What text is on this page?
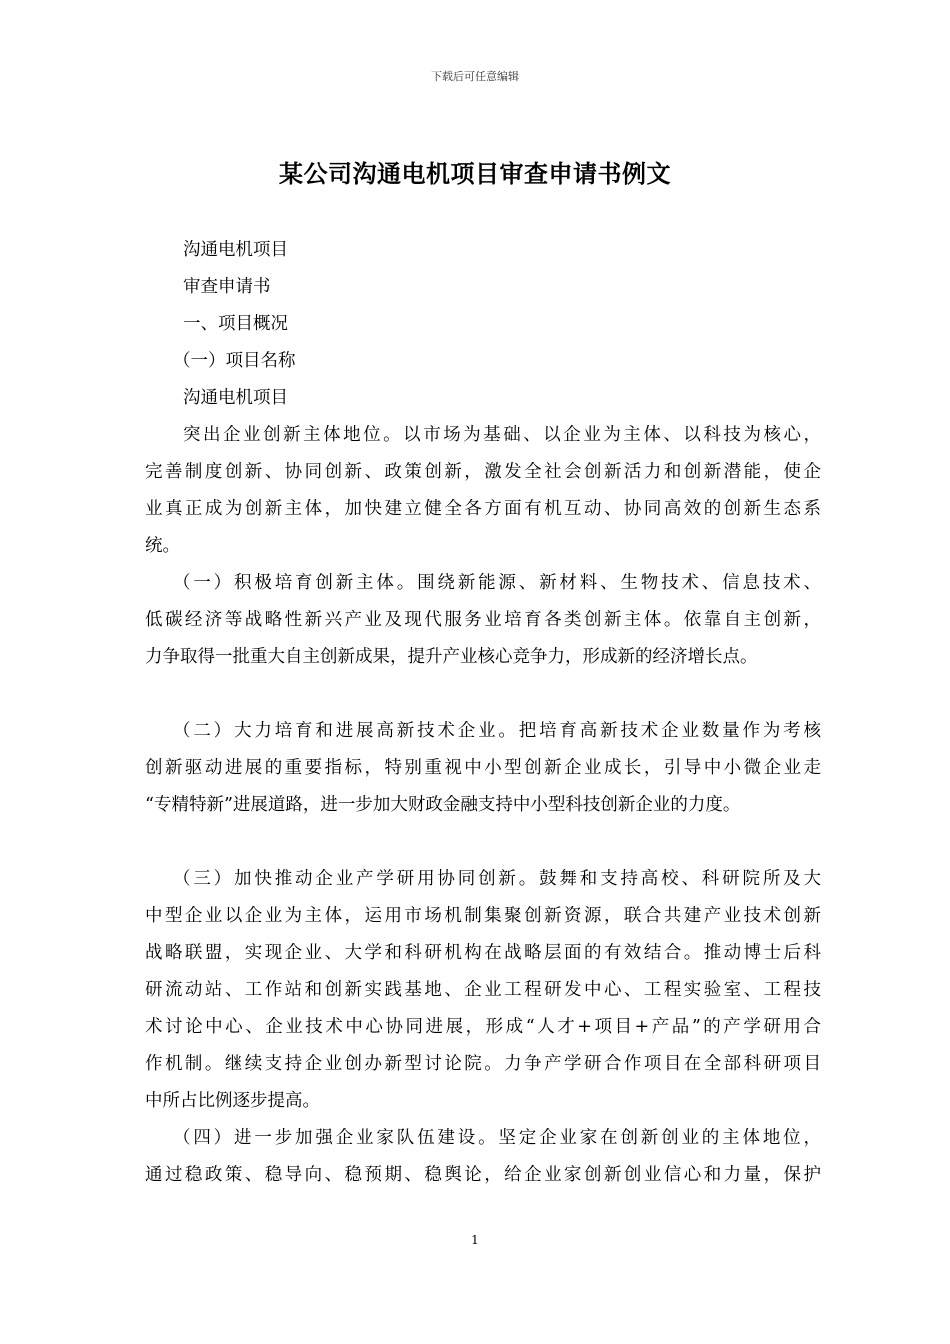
下载后可任意编辑
某公司沟通电机项目审查申请书例文
沟通电机项目
审查申请书
一、项目概况
（一）项目名称
沟通电机项目
突出企业创新主体地位。以市场为基础、以企业为主体、以科技为核心，
完善制度创新、协同创新、政策创新，激发全社会创新活力和创新潜能，使企
业真正成为创新主体，加快建立健全各方面有机互动、协同高效的创新生态系
统。
（一）积极培育创新主体。围绕新能源、新材料、生物技术、信息技术、
低碳经济等战略性新兴产业及现代服务业培育各类创新主体。依靠自主创新，
力争取得一批重大自主创新成果，提升产业核心竞争力，形成新的经济增长点。
（二）大力培育和进展高新技术企业。把培育高新技术企业数量作为考核
创新驱动进展的重要指标，特别重视中小型创新企业成长，引导中小微企业走
“专精特新”进展道路，进一步加大财政金融支持中小型科技创新企业的力度。
（三）加快推动企业产学研用协同创新。鼓舞和支持高校、科研院所及大
中型企业以企业为主体，运用市场机制集聚创新资源，联合共建产业技术创新
战略联盟，实现企业、大学和科研机构在战略层面的有效结合。推动博士后科
研流动站、工作站和创新实践基地、企业工程研发中心、工程实验室、工程技
术讨论中心、企业技术中心协同进展，形成“人才+项目+产品”的产学研用合
作机制。继续支持企业创办新型讨论院。力争产学研合作项目在全部科研项目
中所占比例逐步提高。
（四）进一步加强企业家队伍建设。坚定企业家在创新创业的主体地位，
通过稳政策、稳导向、稳预期、稳舆论，给企业家创新创业信心和力量，保护
1
